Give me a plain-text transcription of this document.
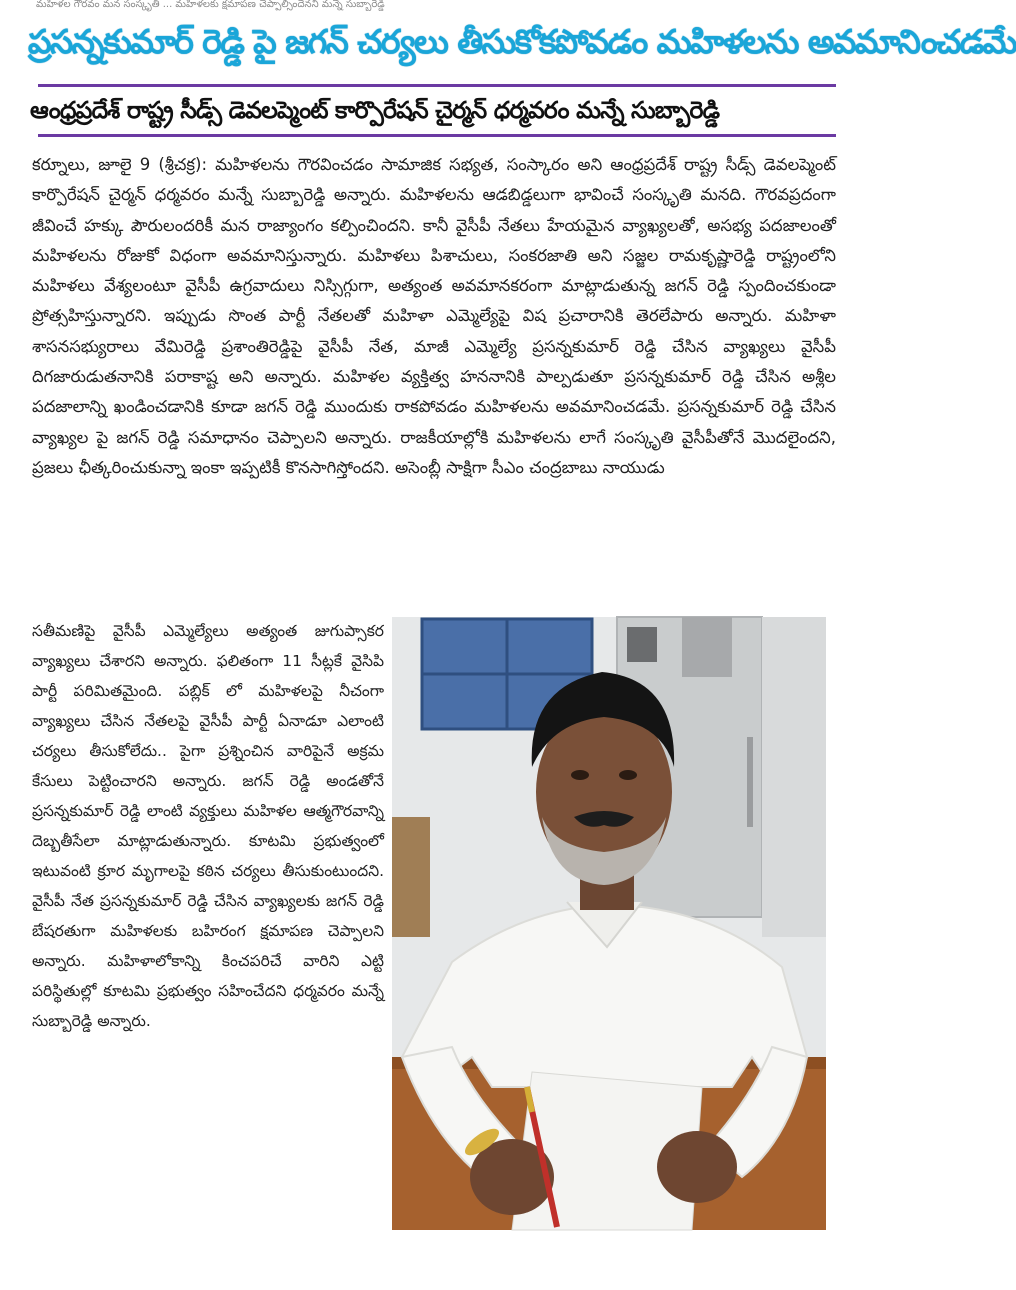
మహిళల గౌరవం మన సంస్కృతి ... మహిళలకు క్షమాపణ చెప్పాల్సిందేనని మన్నే సుబ్బారెడ్డి
ప్రసన్నకుమార్ రెడ్డి పై జగన్ చర్యలు తీసుకోకపోవడం మహిళలను అవమానించడమే
ఆంధ్రప్రదేశ్ రాష్ట్ర సీడ్స్ డెవలప్మెంట్ కార్పొరేషన్ చైర్మన్ ధర్మవరం మన్నే సుబ్బారెడ్డి
కర్నూలు, జూలై 9 (శ్రీచక్ర): మహిళలను గౌరవించడం సామాజిక సభ్యత, సంస్కారం అని ఆంధ్రప్రదేశ్ రాష్ట్ర సీడ్స్ డెవలప్మెంట్ కార్పొరేషన్ చైర్మన్ ధర్మవరం మన్నే సుబ్బారెడ్డి అన్నారు. మహిళలను ఆడబిడ్డలుగా భావించే సంస్కృతి మనది. గౌరవప్రదంగా జీవించే హక్కు పౌరులందరికీ మన రాజ్యాంగం కల్పించిందని. కానీ వైసీపీ నేతలు హేయమైన వ్యాఖ్యలతో, అసభ్య పదజాలంతో మహిళలను రోజుకో విధంగా అవమానిస్తున్నారు. మహిళలు పిశాచులు, సంకరజాతి అని సజ్జల రామకృష్ణారెడ్డి రాష్ట్రంలోని మహిళలు వేశ్యలంటూ వైసీపీ ఉగ్రవాదులు నిస్సిగ్గుగా, అత్యంత అవమానకరంగా మాట్లాడుతున్న జగన్ రెడ్డి స్పందించకుండా ప్రోత్సహిస్తున్నారని. ఇప్పుడు సొంత పార్టీ నేతలతో మహిళా ఎమ్మెల్యేపై విష ప్రచారానికి తెరలేపారు అన్నారు. మహిళా శాసనసభ్యురాలు వేమిరెడ్డి ప్రశాంతిరెడ్డిపై వైసీపీ నేత, మాజీ ఎమ్మెల్యే ప్రసన్నకుమార్ రెడ్డి చేసిన వ్యాఖ్యలు వైసీపీ దిగజారుడుతనానికి పరాకాష్ట అని అన్నారు. మహిళల వ్యక్తిత్వ హననానికి పాల్పడుతూ ప్రసన్నకుమార్ రెడ్డి చేసిన అశ్లీల పదజాలాన్ని ఖండించడానికి కూడా జగన్ రెడ్డి ముందుకు రాకపోవడం మహిళలను అవమానించడమే. ప్రసన్నకుమార్ రెడ్డి చేసిన వ్యాఖ్యల పై జగన్ రెడ్డి సమాధానం చెప్పాలని అన్నారు. రాజకీయాల్లోకి మహిళలను లాగే సంస్కృతి వైసీపీతోనే మొదలైందని, ప్రజలు ఛీత్కరించుకున్నా ఇంకా ఇప్పటికీ కొనసాగిస్తోందని. అసెంబ్లీ సాక్షిగా సీఎం చంద్రబాబు నాయుడు
సతీమణిపై వైసీపీ ఎమ్మెల్యేలు అత్యంత జుగుప్సాకర వ్యాఖ్యలు చేశారని అన్నారు. ఫలితంగా 11 సీట్లకే వైసిపి పార్టీ పరిమితమైంది. పబ్లిక్ లో మహిళలపై నీచంగా వ్యాఖ్యలు చేసిన నేతలపై వైసీపీ పార్టీ ఏనాడూ ఎలాంటి చర్యలు తీసుకోలేదు.. పైగా ప్రశ్నించిన వారిపైనే అక్రమ కేసులు పెట్టించారని అన్నారు. జగన్ రెడ్డి అండతోనే ప్రసన్నకుమార్ రెడ్డి లాంటి వ్యక్తులు మహిళల ఆత్మగౌరవాన్ని దెబ్బతీసేలా మాట్లాడుతున్నారు. కూటమి ప్రభుత్వంలో ఇటువంటి క్రూర మృగాలపై కఠిన చర్యలు తీసుకుంటుందని. వైసీపీ నేత ప్రసన్నకుమార్ రెడ్డి చేసిన వ్యాఖ్యలకు జగన్ రెడ్డి బేషరతుగా మహిళలకు బహిరంగ క్షమాపణ చెప్పాలని అన్నారు. మహిళాలోకాన్ని కించపరిచే వారిని ఎట్టి పరిస్థితుల్లో కూటమి ప్రభుత్వం సహించేదని ధర్మవరం మన్నే సుబ్బారెడ్డి అన్నారు.
